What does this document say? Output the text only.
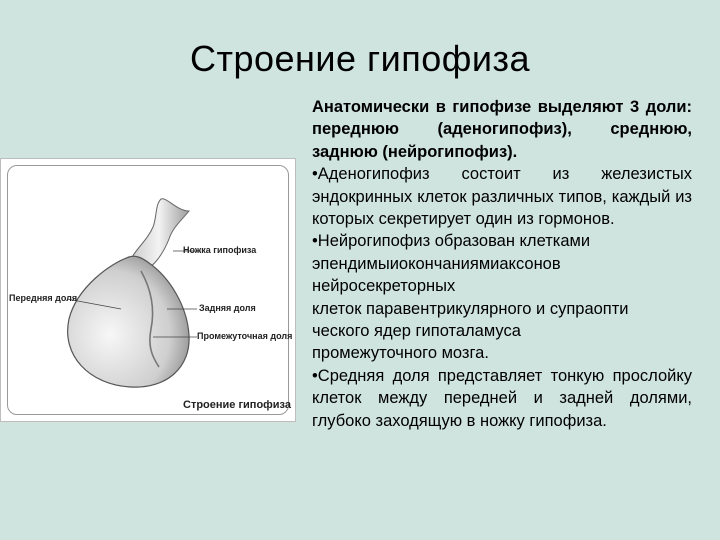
Строение гипофиза
Ножка гипофиза
Передняя доля
Задняя доля
Промежуточная доля
Строение гипофиза

Анатомически в гипофизе выделяют 3 доли: переднюю (аденогипофиз), среднюю, заднюю (нейрогипофиз).

•Аденогипофиз состоит из железистых эндокринных клеток различных типов, каждый из которых секретирует один из гормонов.

•Нейрогипофиз образован клетками
эпендимыиокончаниямиаксонов
нейросекреторных
клеток паравентрикулярного и супраопти
ческого ядер гипоталамуса
промежуточного мозга.

•Средняя доля представляет тонкую прослойку клеток между передней и задней долями, глубоко заходящую в ножку гипофиза.
